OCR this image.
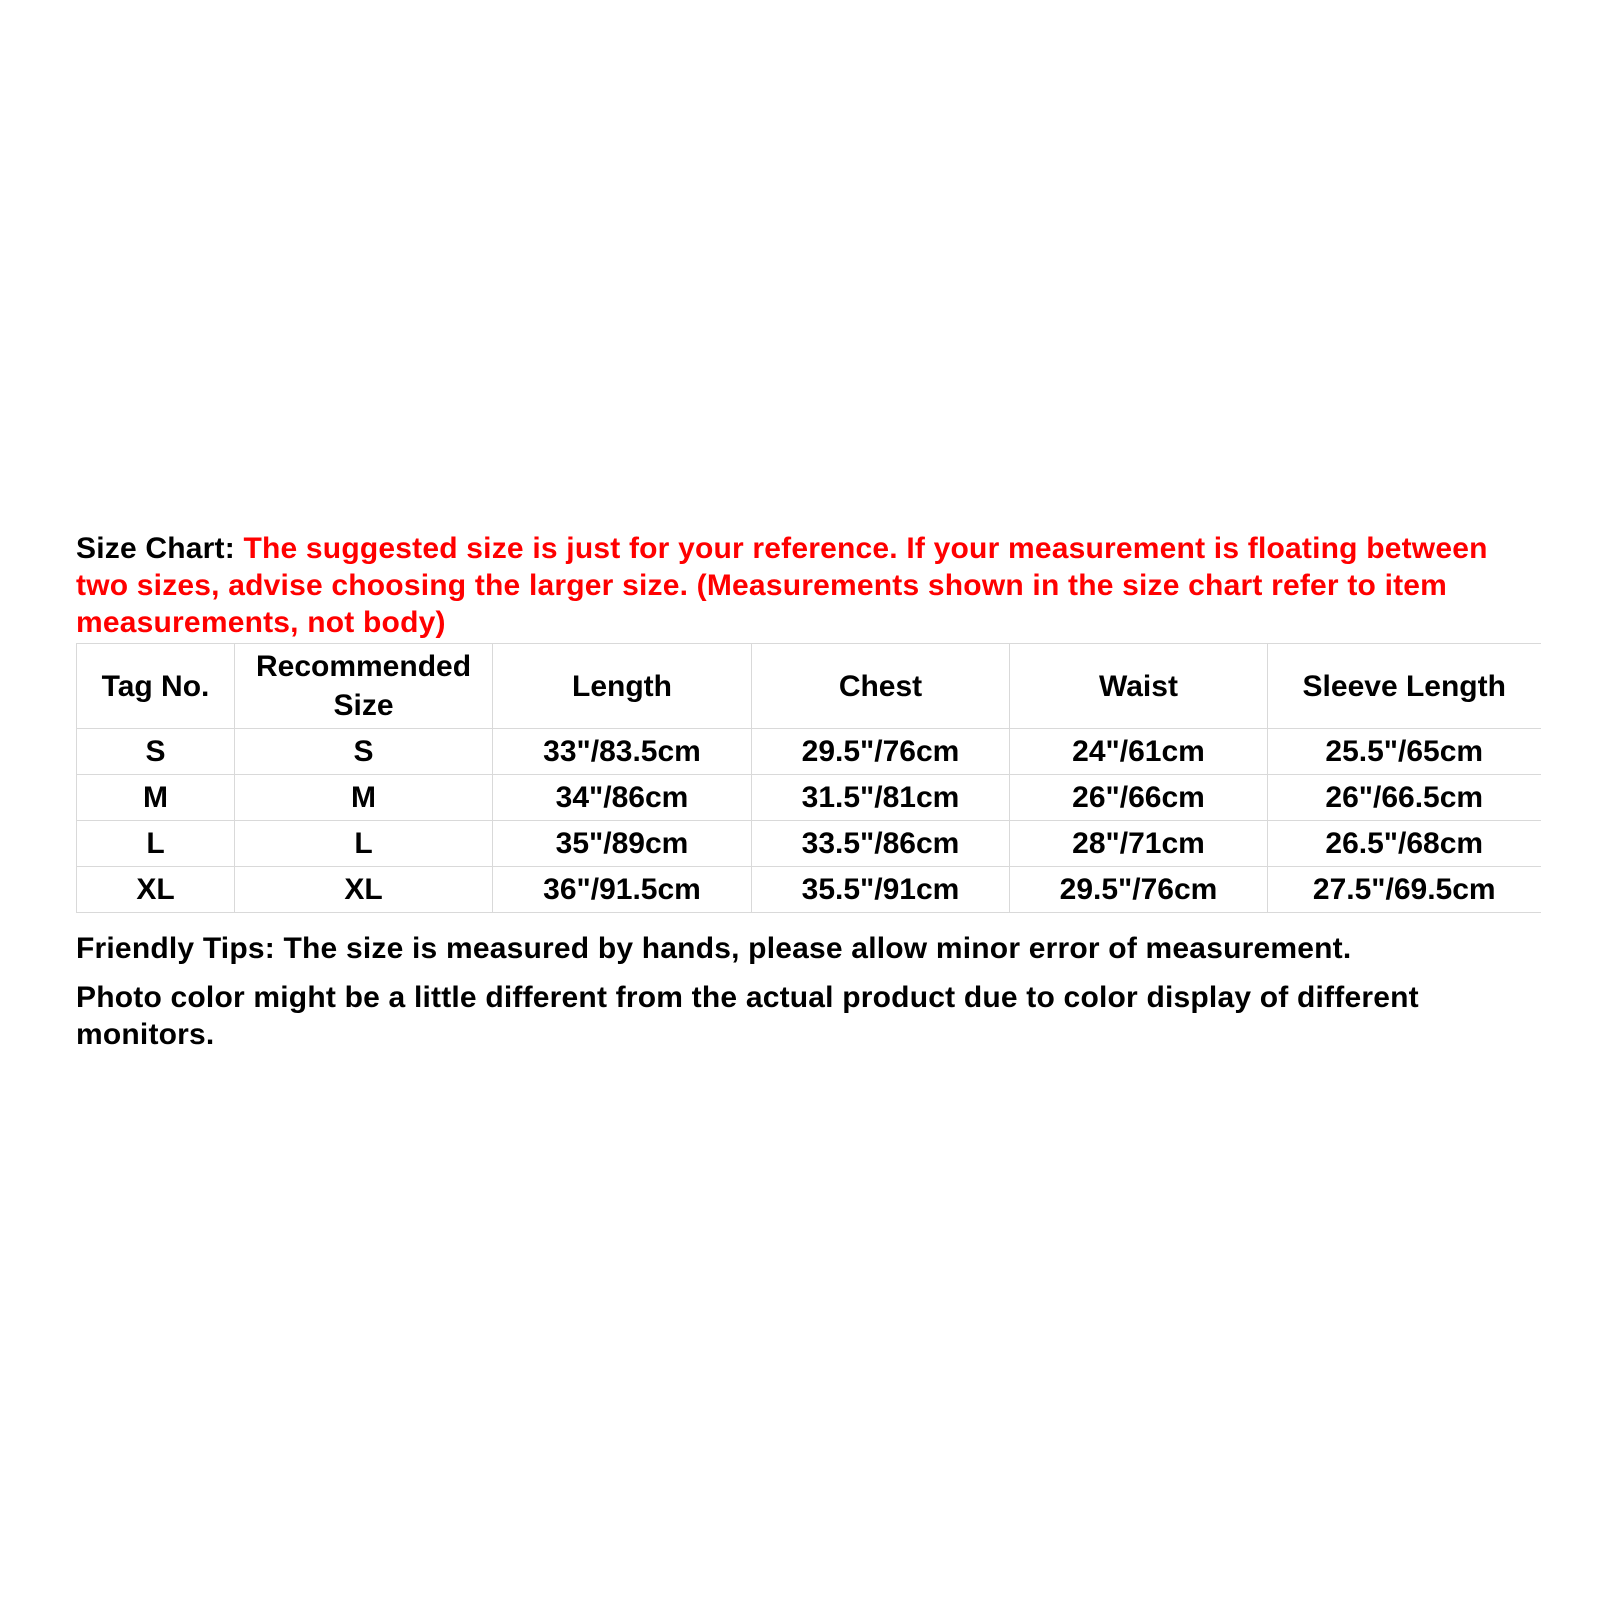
Size Chart: The suggested size is just for your reference. If your measurement is floating between two sizes, advise choosing the larger size. (Measurements shown in the size chart refer to item measurements, not body)

Tag No.	Recommended Size	Length	Chest	Waist	Sleeve Length
S	S	33"/83.5cm	29.5"/76cm	24"/61cm	25.5"/65cm
M	M	34"/86cm	31.5"/81cm	26"/66cm	26"/66.5cm
L	L	35"/89cm	33.5"/86cm	28"/71cm	26.5"/68cm
XL	XL	36"/91.5cm	35.5"/91cm	29.5"/76cm	27.5"/69.5cm

Friendly Tips: The size is measured by hands, please allow minor error of measurement.

Photo color might be a little different from the actual product due to color display of different monitors.
